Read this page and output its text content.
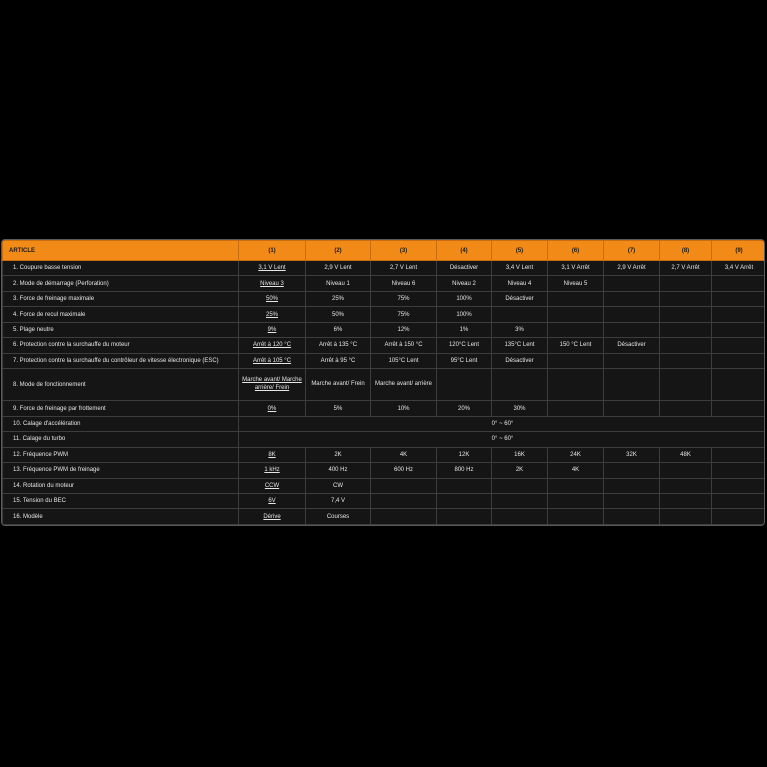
ARTICLE	(1)	(2)	(3)	(4)	(5)	(6)	(7)	(8)	(9)
1. Coupure basse tension	3,1 V Lent	2,9 V Lent	2,7 V Lent	Désactiver	3,4 V Lent	3,1 V Arrêt	2,9 V Arrêt	2,7 V Arrêt	3,4 V Arrêt
2. Mode de démarrage (Perforation)	Niveau 3	Niveau 1	Niveau 6	Niveau 2	Niveau 4	Niveau 5			
3. Force de freinage maximale	50%	25%	75%	100%	Désactiver				
4. Force de recul maximale	25%	50%	75%	100%					
5. Plage neutre	9%	6%	12%	1%	3%				
6. Protection contre la surchauffe du moteur	Arrêt à 120 °C	Arrêt à 135 °C	Arrêt à 150 °C	120°C Lent	135°C Lent	150 °C Lent	Désactiver		
7. Protection contre la surchauffe du contrôleur de vitesse électronique (ESC)	Arrêt à 105 °C	Arrêt à 95 °C	105°C Lent	95°C Lent	Désactiver				
8. Mode de fonctionnement	Marche avant/ Marche arrière/ Frein	Marche avant/ Frein	Marche avant/ arrière						
9. Force de freinage par frottement	0%	5%	10%	20%	30%				
10. Calage d'accélération	0° ~ 60°								
11. Calage du turbo	0° ~ 60°								
12. Fréquence PWM	8K	2K	4K	12K	16K	24K	32K	48K	
13. Fréquence PWM de freinage	1 kHz	400 Hz	600 Hz	800 Hz	2K	4K			
14. Rotation du moteur	CCW	CW							
15. Tension du BEC	6V	7,4 V							
16. Modèle	Dérive	Courses							
